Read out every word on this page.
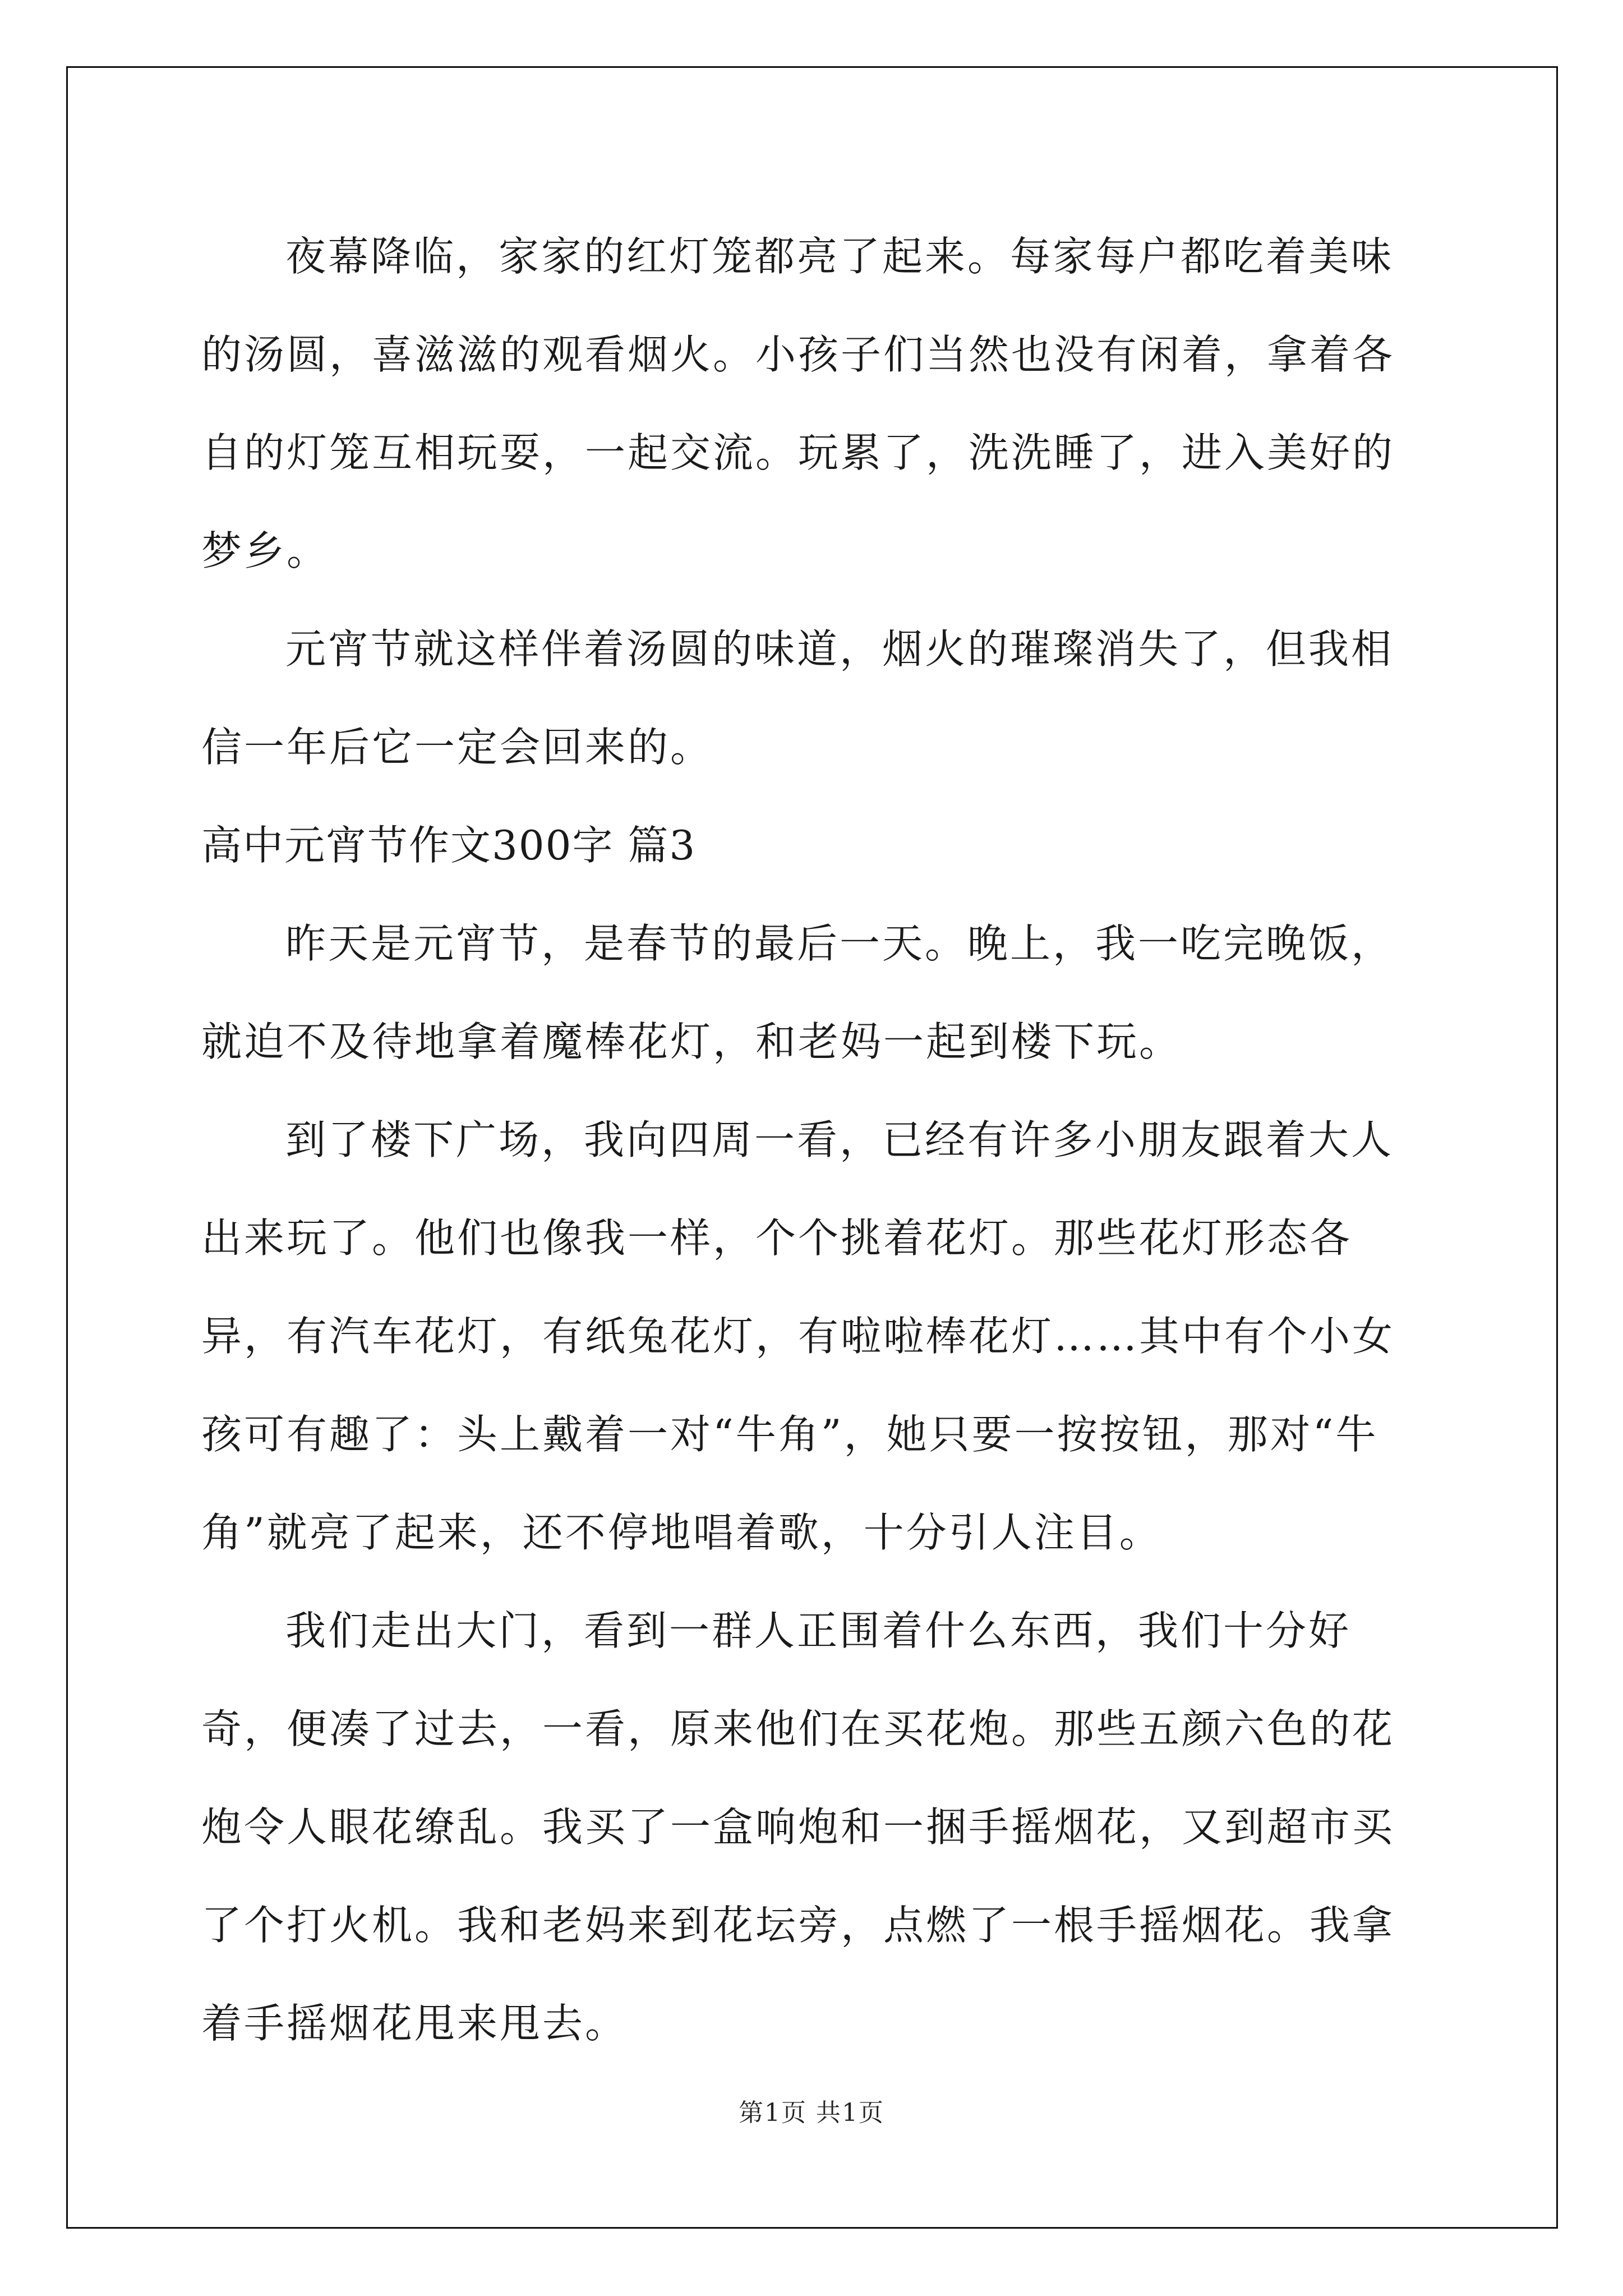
夜幕降临，家家的红灯笼都亮了起来。每家每户都吃着美味的汤圆，喜滋滋的观看烟火。小孩子们当然也没有闲着，拿着各自的灯笼互相玩耍，一起交流。玩累了，洗洗睡了，进入美好的梦乡。

元宵节就这样伴着汤圆的味道，烟火的璀璨消失了，但我相信一年后它一定会回来的。

高中元宵节作文300字 篇3

昨天是元宵节，是春节的最后一天。晚上，我一吃完晚饭，就迫不及待地拿着魔棒花灯，和老妈一起到楼下玩。

到了楼下广场，我向四周一看，已经有许多小朋友跟着大人出来玩了。他们也像我一样，个个挑着花灯。那些花灯形态各异，有汽车花灯，有纸兔花灯，有啦啦棒花灯……其中有个小女孩可有趣了：头上戴着一对“牛角”，她只要一按按钮，那对“牛角”就亮了起来，还不停地唱着歌，十分引人注目。

我们走出大门，看到一群人正围着什么东西，我们十分好奇，便凑了过去，一看，原来他们在买花炮。那些五颜六色的花炮令人眼花缭乱。我买了一盒响炮和一捆手摇烟花，又到超市买了个打火机。我和老妈来到花坛旁，点燃了一根手摇烟花。我拿着手摇烟花甩来甩去。

第1页 共1页
